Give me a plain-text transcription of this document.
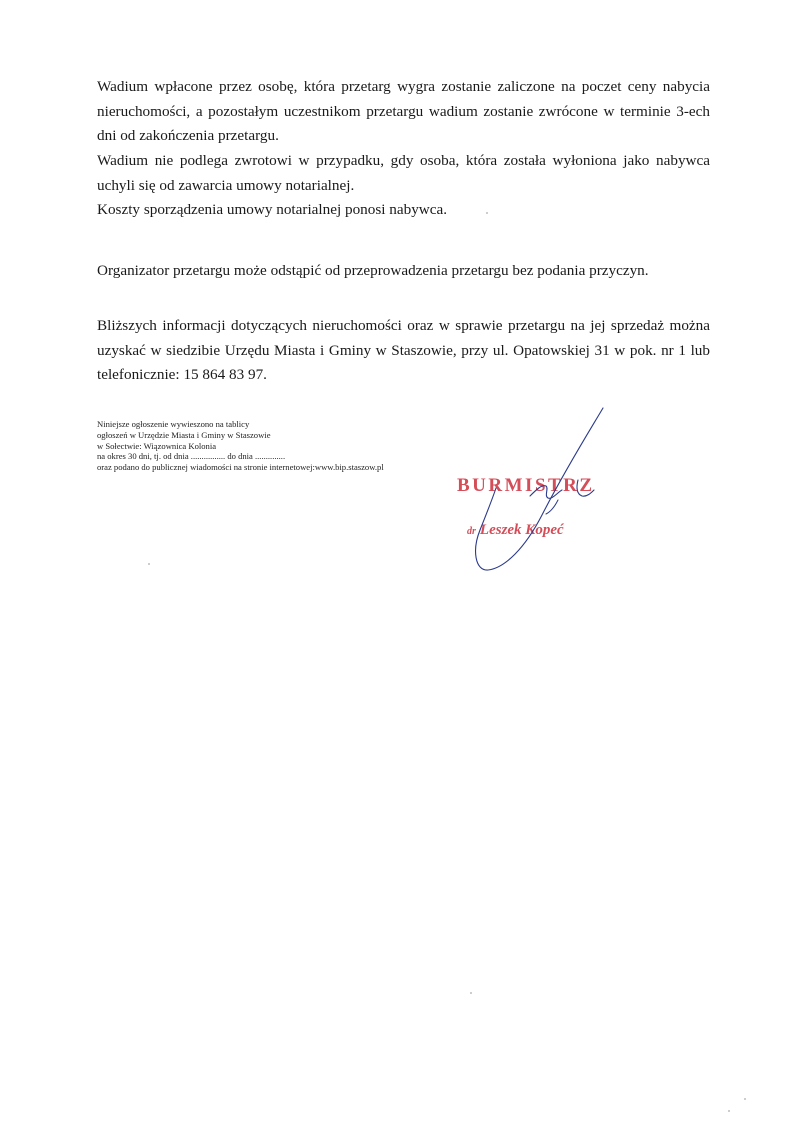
Wadium wpłacone przez osobę, która przetarg wygra zostanie zaliczone na poczet ceny nabycia nieruchomości, a pozostałym uczestnikom przetargu wadium zostanie zwrócone w terminie 3-ech dni od zakończenia przetargu.

Wadium nie podlega zwrotowi w przypadku, gdy osoba, która została wyłoniona jako nabywca uchyli się od zawarcia umowy notarialnej.
Koszty sporządzenia umowy notarialnej ponosi nabywca.

Organizator przetargu może odstąpić od przeprowadzenia przetargu bez podania przyczyn.

Bliższych informacji dotyczących nieruchomości oraz w sprawie przetargu na jej sprzedaż można uzyskać w siedzibie Urzędu Miasta i Gminy w Staszowie, przy ul. Opatowskiej 31 w pok. nr 1 lub telefonicznie: 15 864 83 97.

Niniejsze ogłoszenie wywieszono na tablicy
ogłoszeń w Urzędzie Miasta i Gminy w Staszowie
w Sołectwie: Wiązownica Kolonia
na okres 30 dni, tj. od dnia ................ do dnia ..............
oraz podano do publicznej wiadomości na stronie internetowej:www.bip.staszow.pl
BURMISTRZ
dr Leszek Kopeć
